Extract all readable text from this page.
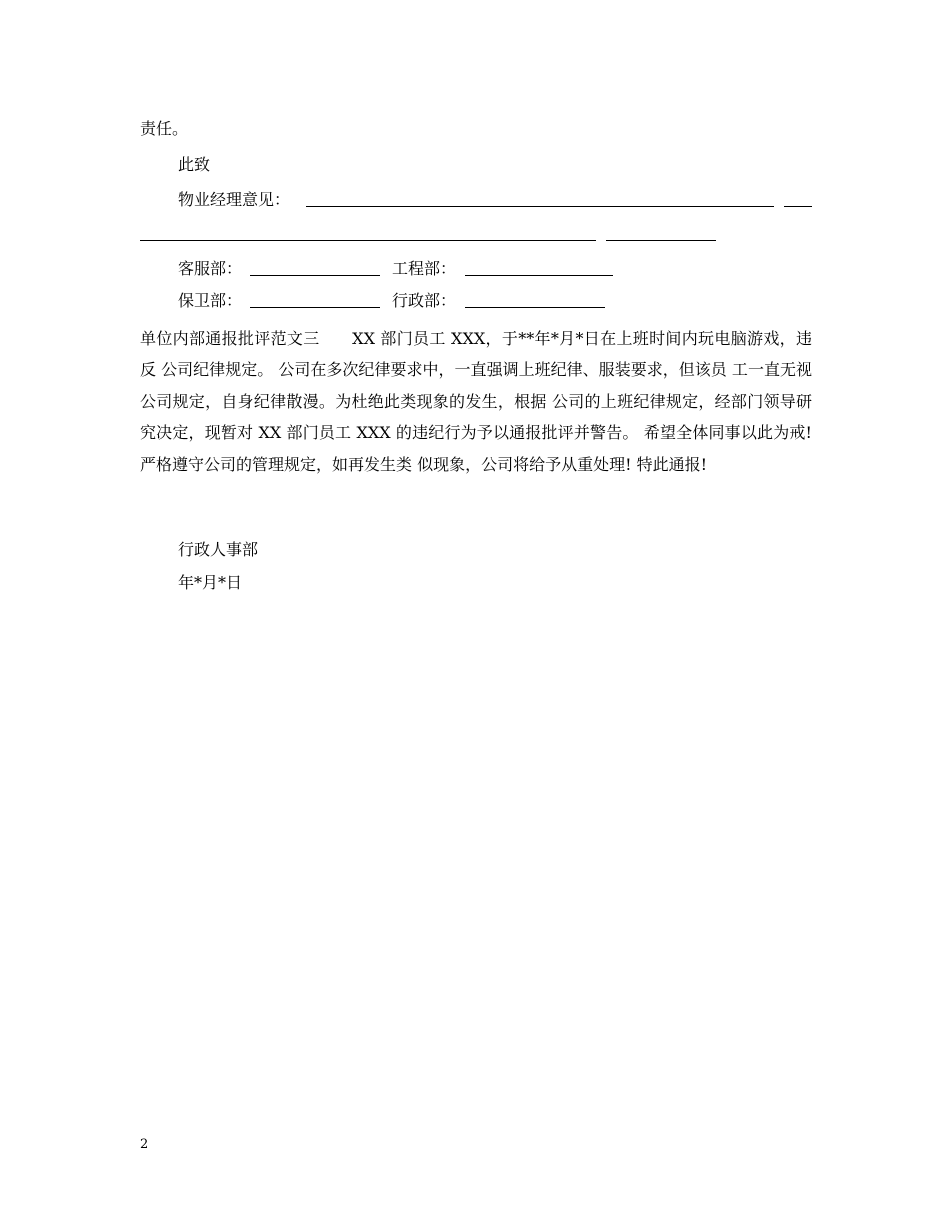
责任。
此致
物业经理意见：
客服部：	工程部：
保卫部：	行政部：
单位内部通报批评范文三　　XX 部门员工 XXX，于**年*月*日在上班时间内玩电脑游戏，违反 公司纪律规定。 公司在多次纪律要求中，一直强调上班纪律、服装要求，但该员 工一直无视公司规定，自身纪律散漫。为杜绝此类现象的发生，根据 公司的上班纪律规定，经部门领导研究决定，现暂对 XX 部门员工 XXX 的违纪行为予以通报批评并警告。 希望全体同事以此为戒!严格遵守公司的管理规定，如再发生类 似现象，公司将给予从重处理! 特此通报!
行政人事部
年*月*日
2
